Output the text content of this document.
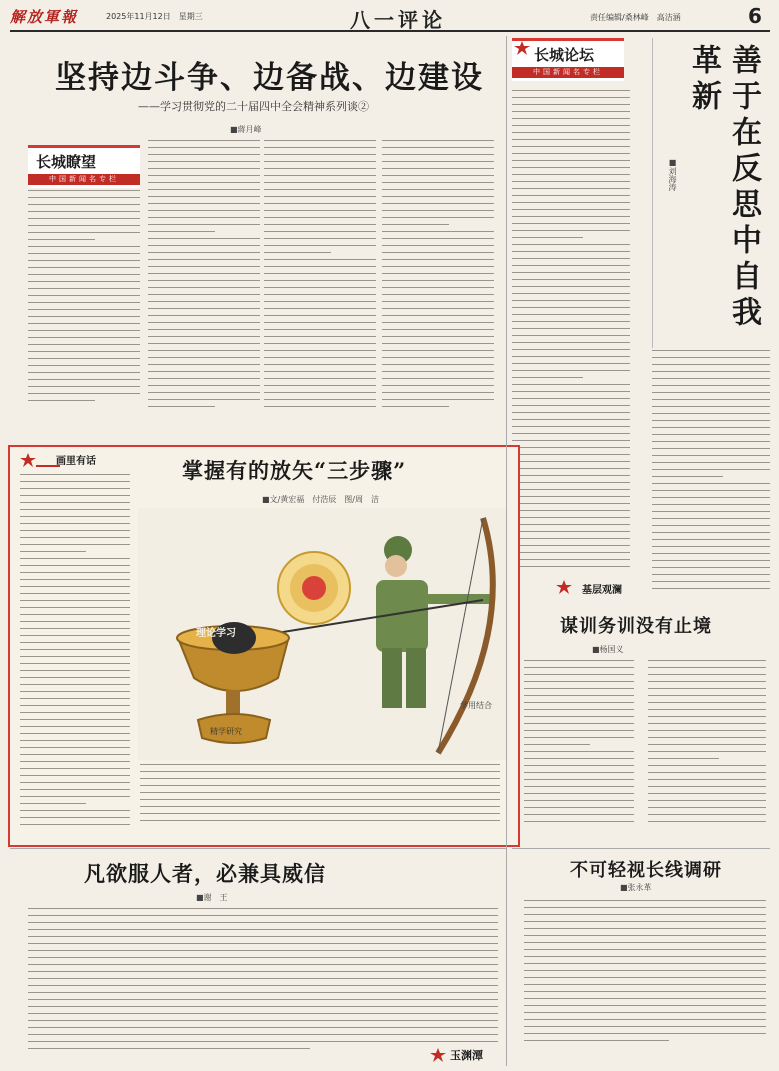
解放軍報	2025年11月12日　星期三	八一评论	责任编辑/桑林峰　高洁涵	6
坚持边斗争、边备战、边建设
——学习贯彻党的二十届四中全会精神系列谈②
■蔣月峰
长城瞭望
中国新闻名专栏
长城论坛
中国新闻名专栏	善于在反思中自我革新
■刘海涛
画里有话	掌握有的放矢“三步骤”
■文/黄宏福　付浩辰　图/周　洁
理论学习
精学研究
学用结合
基层观澜
谋训务训没有止境
■杨国义
凡欲服人者，必兼具威信
■谢　王
玉渊潭
不可轻视长线调研
■张永革
